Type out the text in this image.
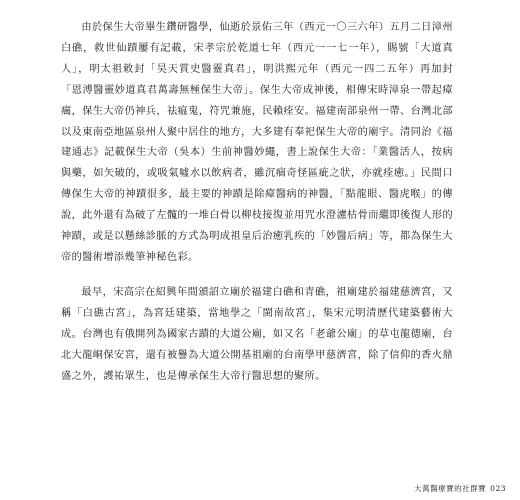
由於保生大帝畢生鑽研醫學，仙逝於景佑三年（西元一〇三六年）五月二日漳州白礁，救世仙蹟屢有記載，宋孝宗於乾道七年（西元一一七一年），賜號「大道真人」，明太祖敕封「昊天賞史醫靈真君」，明洪熙元年（西元一四二五年）再加封「恩溥醫靈妙道真君萬壽無極保生大帝」。保生大帝成神後，相傳宋時漳泉一帶起瘴癘，保生大帝仍神兵，祛瘟鬼，符咒兼施，民賴痊安。福建南部泉州一帶、台灣北部以及東南亞地區泉州人聚中居住的地方，大多建有奉祀保生大帝的廟宇。清同治《福建通志》記載保生大帝（吳本）生前神醫妙繩，書上說保生大帝：「業醫活人，按病與藥，如矢破的，或吸氣噓水以飲病者，雖沉痼奇怪區疵之狀，亦就痊癒。」民間口傳保生大帝的神蹟很多，最主要的神蹟是除瘴醫病的神醫，「點龍眼、醫虎喉」的傳說，此外還有為破了左髖的一堆白骨以柳枝接復並用咒水澄濾枯骨而繼即後復人形的神蹟，或是以懸絲診脈的方式為明成祖皇后治癒乳疾的「妙醫后病」等，都為保生大帝的醫術增添幾筆神秘色彩。

最早，宋高宗在紹興年間頒詔立廟於福建白礁和青礁，祖廟建於福建慈濟宮，又稱「白礁古宮」，為宮廷建築，當地學之「閩南故宮」，集宋元明清歷代建築藝術大成。台灣也有俄開列為國家古蹟的大道公廟，如又名「老爺公廟」的草屯龍德廟，台北大龍峒保安宮，還有被譽為大道公開基祖廟的台南學甲慈濟宮，除了信仰的香火鼎盛之外，護祐眾生，也是傳承保生大帝行醫思想的聚所。

大萬醫療寶的社群寶 023
